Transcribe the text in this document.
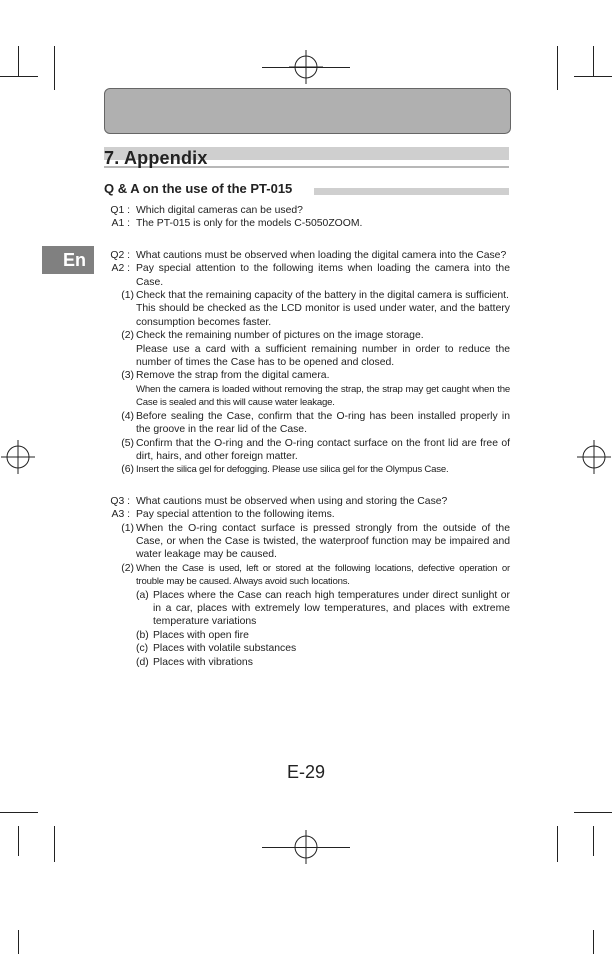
7. Appendix
Q & A on the use of the PT-015
En
Q1 : Which digital cameras can be used?
A1 : The PT-015 is only for the models C-5050ZOOM.
Q2 : What cautions must be observed when loading the digital camera into the Case?
A2 : Pay special attention to the following items when loading the camera into the Case.
(1) Check that the remaining capacity of the battery in the digital camera is sufficient.
This should be checked as the LCD monitor is used under water, and the battery consumption becomes faster.
(2) Check the remaining number of pictures on the image storage.
Please use a card with a sufficient remaining number in order to reduce the number of times the Case has to be opened and closed.
(3) Remove the strap from the digital camera.
When the camera is loaded without removing the strap, the strap may get caught when the Case is sealed and this will cause water leakage.
(4) Before sealing the Case, confirm that the O-ring has been installed properly in the groove in the rear lid of the Case.
(5) Confirm that the O-ring and the O-ring contact surface on the front lid are free of dirt, hairs, and other foreign matter.
(6) Insert the silica gel for defogging. Please use silica gel for the Olympus Case.
Q3 : What cautions must be observed when using and storing the Case?
A3 : Pay special attention to the following items.
(1) When the O-ring contact surface is pressed strongly from the outside of the Case, or when the Case is twisted, the waterproof function may be impaired and water leakage may be caused.
(2) When the Case is used, left or stored at the following locations, defective operation or trouble may be caused. Always avoid such locations.
(a) Places where the Case can reach high temperatures under direct sunlight or in a car, places with extremely low temperatures, and places with extreme temperature variations
(b) Places with open fire
(c) Places with volatile substances
(d) Places with vibrations
E-29
